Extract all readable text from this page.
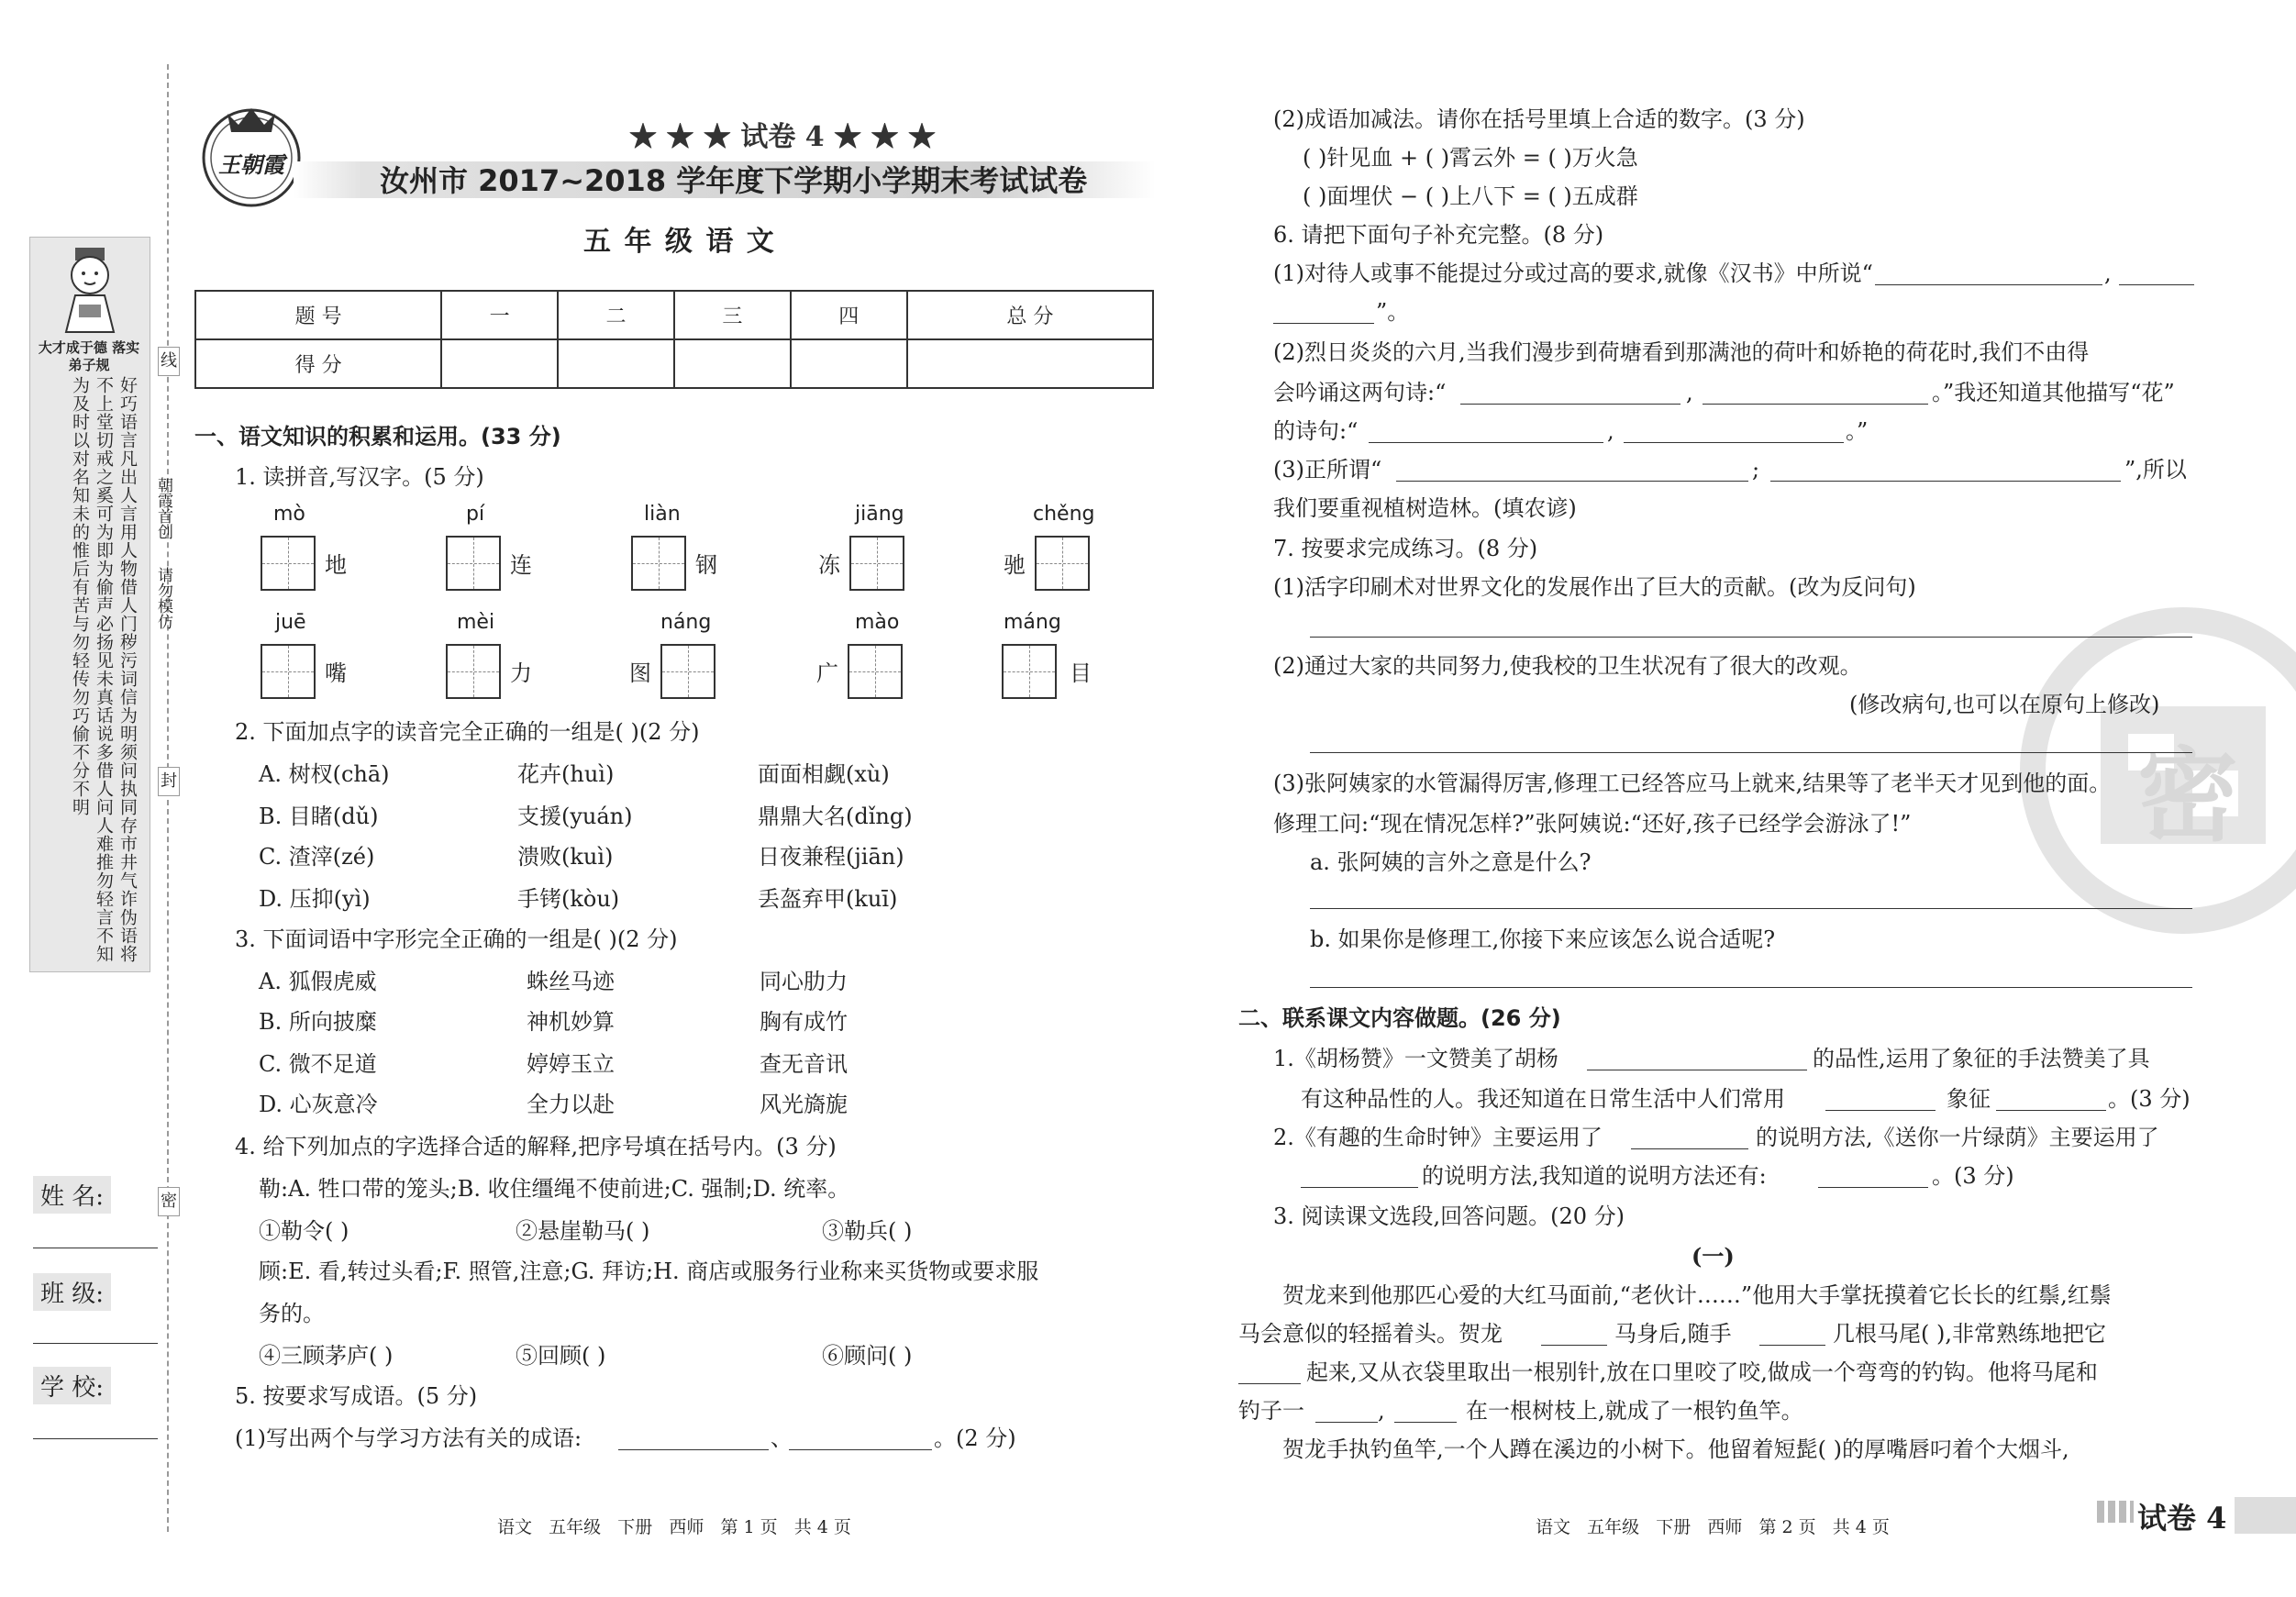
线
封
密
朝霞首创
请勿模仿
大才成于德 落实弟子规
好巧语言凡出人言用人物借人门秽污词信为明须问执同存市井气诈伪语将不上堂切戒之奚可为即为偷声必扬见未真话说多借人问人难推勿轻言不知为及时以对名知未的惟后有苦与勿轻传勿巧偷不分不明
姓 名:
班 级:
学 校:
王朝霞
★ ★ ★ 试卷 4 ★ ★ ★
汝州市 2017~2018 学年度下学期小学期末考试试卷
五 年 级 语 文
题 号	一	二	三	四	总 分
得 分					
一、语文知识的积累和运用。(33 分)
1. 读拼音,写汉字。(5 分)
mò
地
pí
连
liàn
钢
jiāng
冻
chěng
驰
juē
嘴
mèi
力
náng
图
mào
广
máng
目
2. 下面加点字的读音完全正确的一组是( )(2 分)
A. 树杈(chā)	花卉(huì)	面面相觑(xù)
B. 目睹(dǔ)	支援(yuán)	鼎鼎大名(dǐng)
C. 渣滓(zé)	溃败(kuì)	日夜兼程(jiān)
D. 压抑(yì)	手铐(kòu)	丢盔弃甲(kuī)
3. 下面词语中字形完全正确的一组是( )(2 分)
A. 狐假虎威	蛛丝马迹	同心肋力
B. 所向披糜	神机妙算	胸有成竹
C. 微不足道	婷婷玉立	查无音讯
D. 心灰意冷	全力以赴	风光旖旎
4. 给下列加点的字选择合适的解释,把序号填在括号内。(3 分)
勒:A. 牲口带的笼头;B. 收住缰绳不使前进;C. 强制;D. 统率。
①勒令( )	②悬崖勒马( )	③勒兵( )
顾:E. 看,转过头看;F. 照管,注意;G. 拜访;H. 商店或服务行业称来买货物或要求服
务的。
④三顾茅庐( )	⑤回顾( )	⑥顾问( )
5. 按要求写成语。(5 分)
(1)写出两个与学习方法有关的成语:	、	。(2 分)
语文   五年级   下册   西师   第 1 页   共 4 页
密
(2)成语加减法。请你在括号里填上合适的数字。(3 分)
( )针见血 + ( )霄云外 = ( )万火急
( )面埋伏 − ( )上八下 = ( )五成群
6. 请把下面句子补充完整。(8 分)
(1)对待人或事不能提过分或过高的要求,就像《汉书》中所说“	,
”。
(2)烈日炎炎的六月,当我们漫步到荷塘看到那满池的荷叶和娇艳的荷花时,我们不由得
会吟诵这两句诗:“	,	。”我还知道其他描写“花”
的诗句:“	,	。”
(3)正所谓“	;	”,所以
我们要重视植树造林。(填农谚)
7. 按要求完成练习。(8 分)
(1)活字印刷术对世界文化的发展作出了巨大的贡献。(改为反问句)
(2)通过大家的共同努力,使我校的卫生状况有了很大的改观。
(修改病句,也可以在原句上修改)
(3)张阿姨家的水管漏得厉害,修理工已经答应马上就来,结果等了老半天才见到他的面。
修理工问:“现在情况怎样?”张阿姨说:“还好,孩子已经学会游泳了!”
a. 张阿姨的言外之意是什么?
b. 如果你是修理工,你接下来应该怎么说合适呢?
二、联系课文内容做题。(26 分)
1.《胡杨赞》一文赞美了胡杨	的品性,运用了象征的手法赞美了具
有这种品性的人。我还知道在日常生活中人们常用	象征	。(3 分)
2.《有趣的生命时钟》主要运用了	的说明方法,《送你一片绿荫》主要运用了
的说明方法,我知道的说明方法还有:	。(3 分)
3. 阅读课文选段,回答问题。(20 分)
(一)
贺龙来到他那匹心爱的大红马面前,“老伙计……”他用大手掌抚摸着它长长的红鬃,红鬃
马会意似的轻摇着头。贺龙	马身后,随手	几根马尾( ),非常熟练地把它
起来,又从衣袋里取出一根别针,放在口里咬了咬,做成一个弯弯的钓钩。他将马尾和
钓子一	,	在一根树枝上,就成了一根钓鱼竿。
贺龙手执钓鱼竿,一个人蹲在溪边的小树下。他留着短髭( )的厚嘴唇叼着个大烟斗,
语文   五年级   下册   西师   第 2 页   共 4 页	试卷 4
